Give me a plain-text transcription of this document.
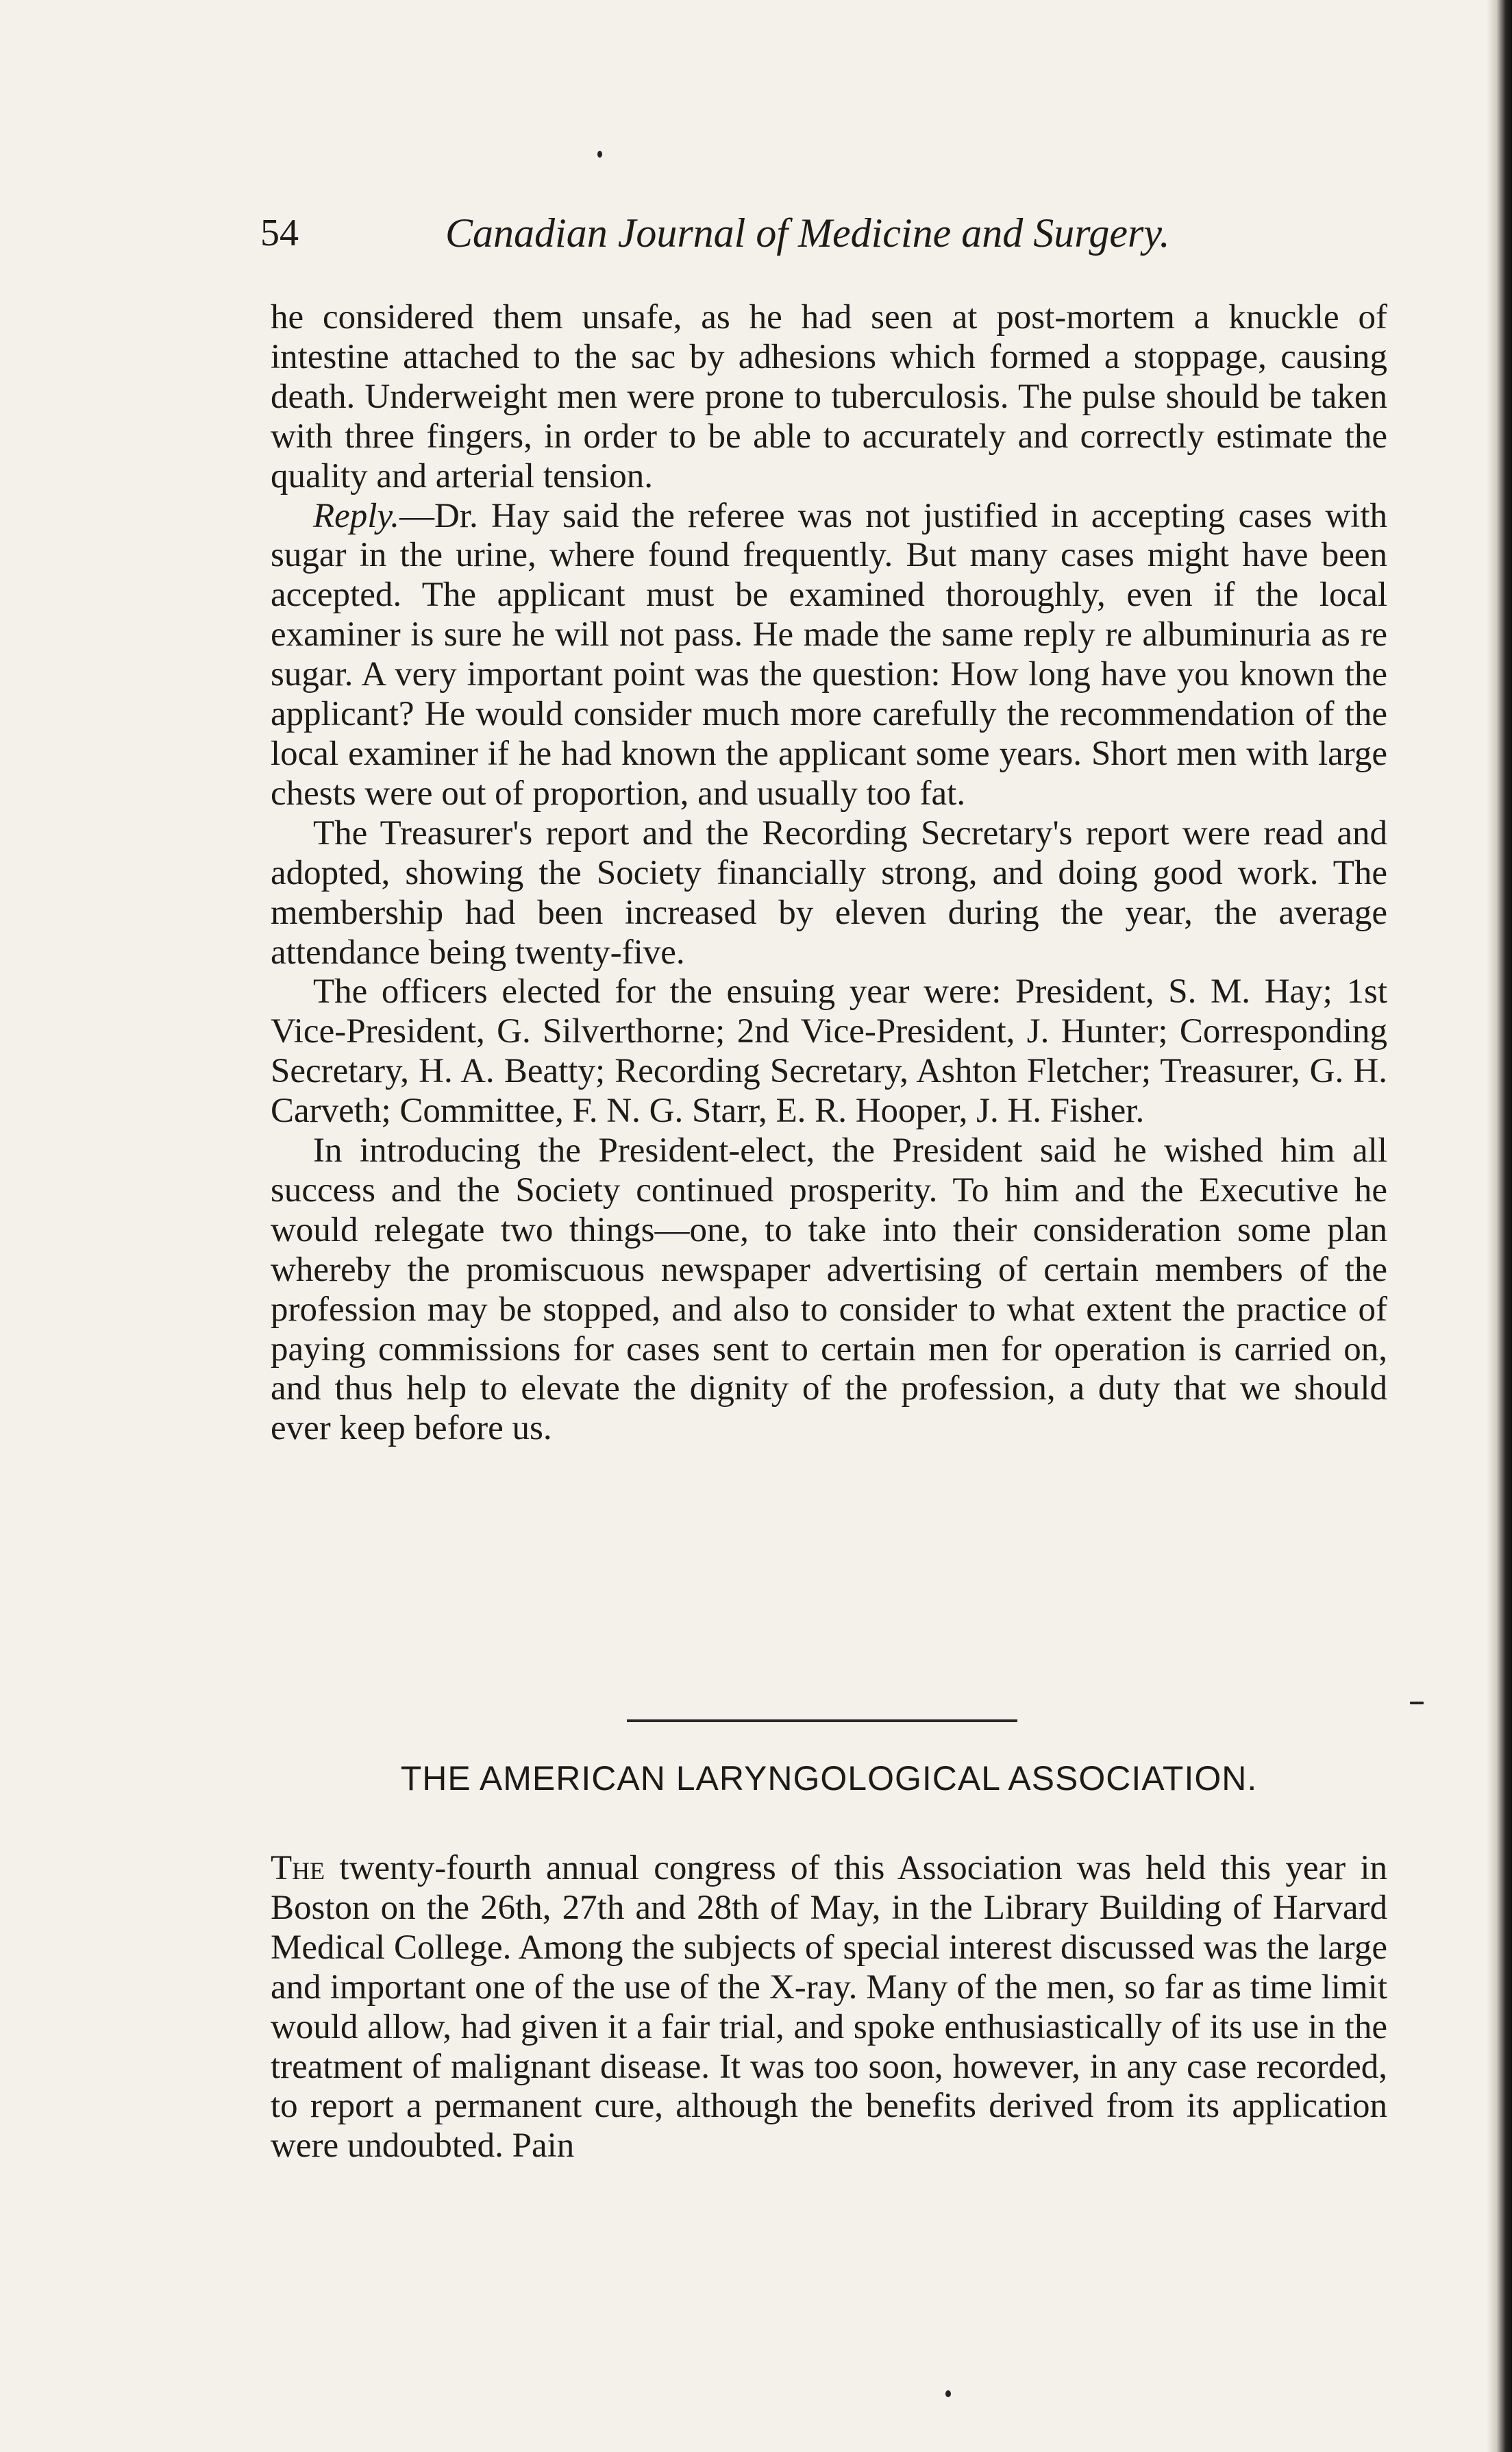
54	Canadian Journal of Medicine and Surgery.

he considered them unsafe, as he had seen at post-mortem a knuckle of intestine attached to the sac by adhesions which formed a stoppage, causing death. Underweight men were prone to tuberculosis. The pulse should be taken with three fingers, in order to be able to accurately and correctly estimate the quality and arterial tension.

Reply.—Dr. Hay said the referee was not justified in accepting cases with sugar in the urine, where found frequently. But many cases might have been accepted. The applicant must be examined thoroughly, even if the local examiner is sure he will not pass. He made the same reply re albuminuria as re sugar. A very important point was the question: How long have you known the applicant? He would consider much more carefully the recommendation of the local examiner if he had known the applicant some years. Short men with large chests were out of proportion, and usually too fat.

The Treasurer's report and the Recording Secretary's report were read and adopted, showing the Society financially strong, and doing good work. The membership had been increased by eleven during the year, the average attendance being twenty-five.

The officers elected for the ensuing year were: President, S. M. Hay; 1st Vice-President, G. Silverthorne; 2nd Vice-President, J. Hunter; Corresponding Secretary, H. A. Beatty; Recording Secretary, Ashton Fletcher; Treasurer, G. H. Carveth; Committee, F. N. G. Starr, E. R. Hooper, J. H. Fisher.

In introducing the President-elect, the President said he wished him all success and the Society continued prosperity. To him and the Executive he would relegate two things—one, to take into their consideration some plan whereby the promiscuous newspaper advertising of certain members of the profession may be stopped, and also to consider to what extent the practice of paying commissions for cases sent to certain men for operation is carried on, and thus help to elevate the dignity of the profession, a duty that we should ever keep before us.

THE AMERICAN LARYNGOLOGICAL ASSOCIATION.

The twenty-fourth annual congress of this Association was held this year in Boston on the 26th, 27th and 28th of May, in the Library Building of Harvard Medical College. Among the subjects of special interest discussed was the large and important one of the use of the X-ray. Many of the men, so far as time limit would allow, had given it a fair trial, and spoke enthusiastically of its use in the treatment of malignant disease. It was too soon, however, in any case recorded, to report a permanent cure, although the benefits derived from its application were undoubted. Pain
